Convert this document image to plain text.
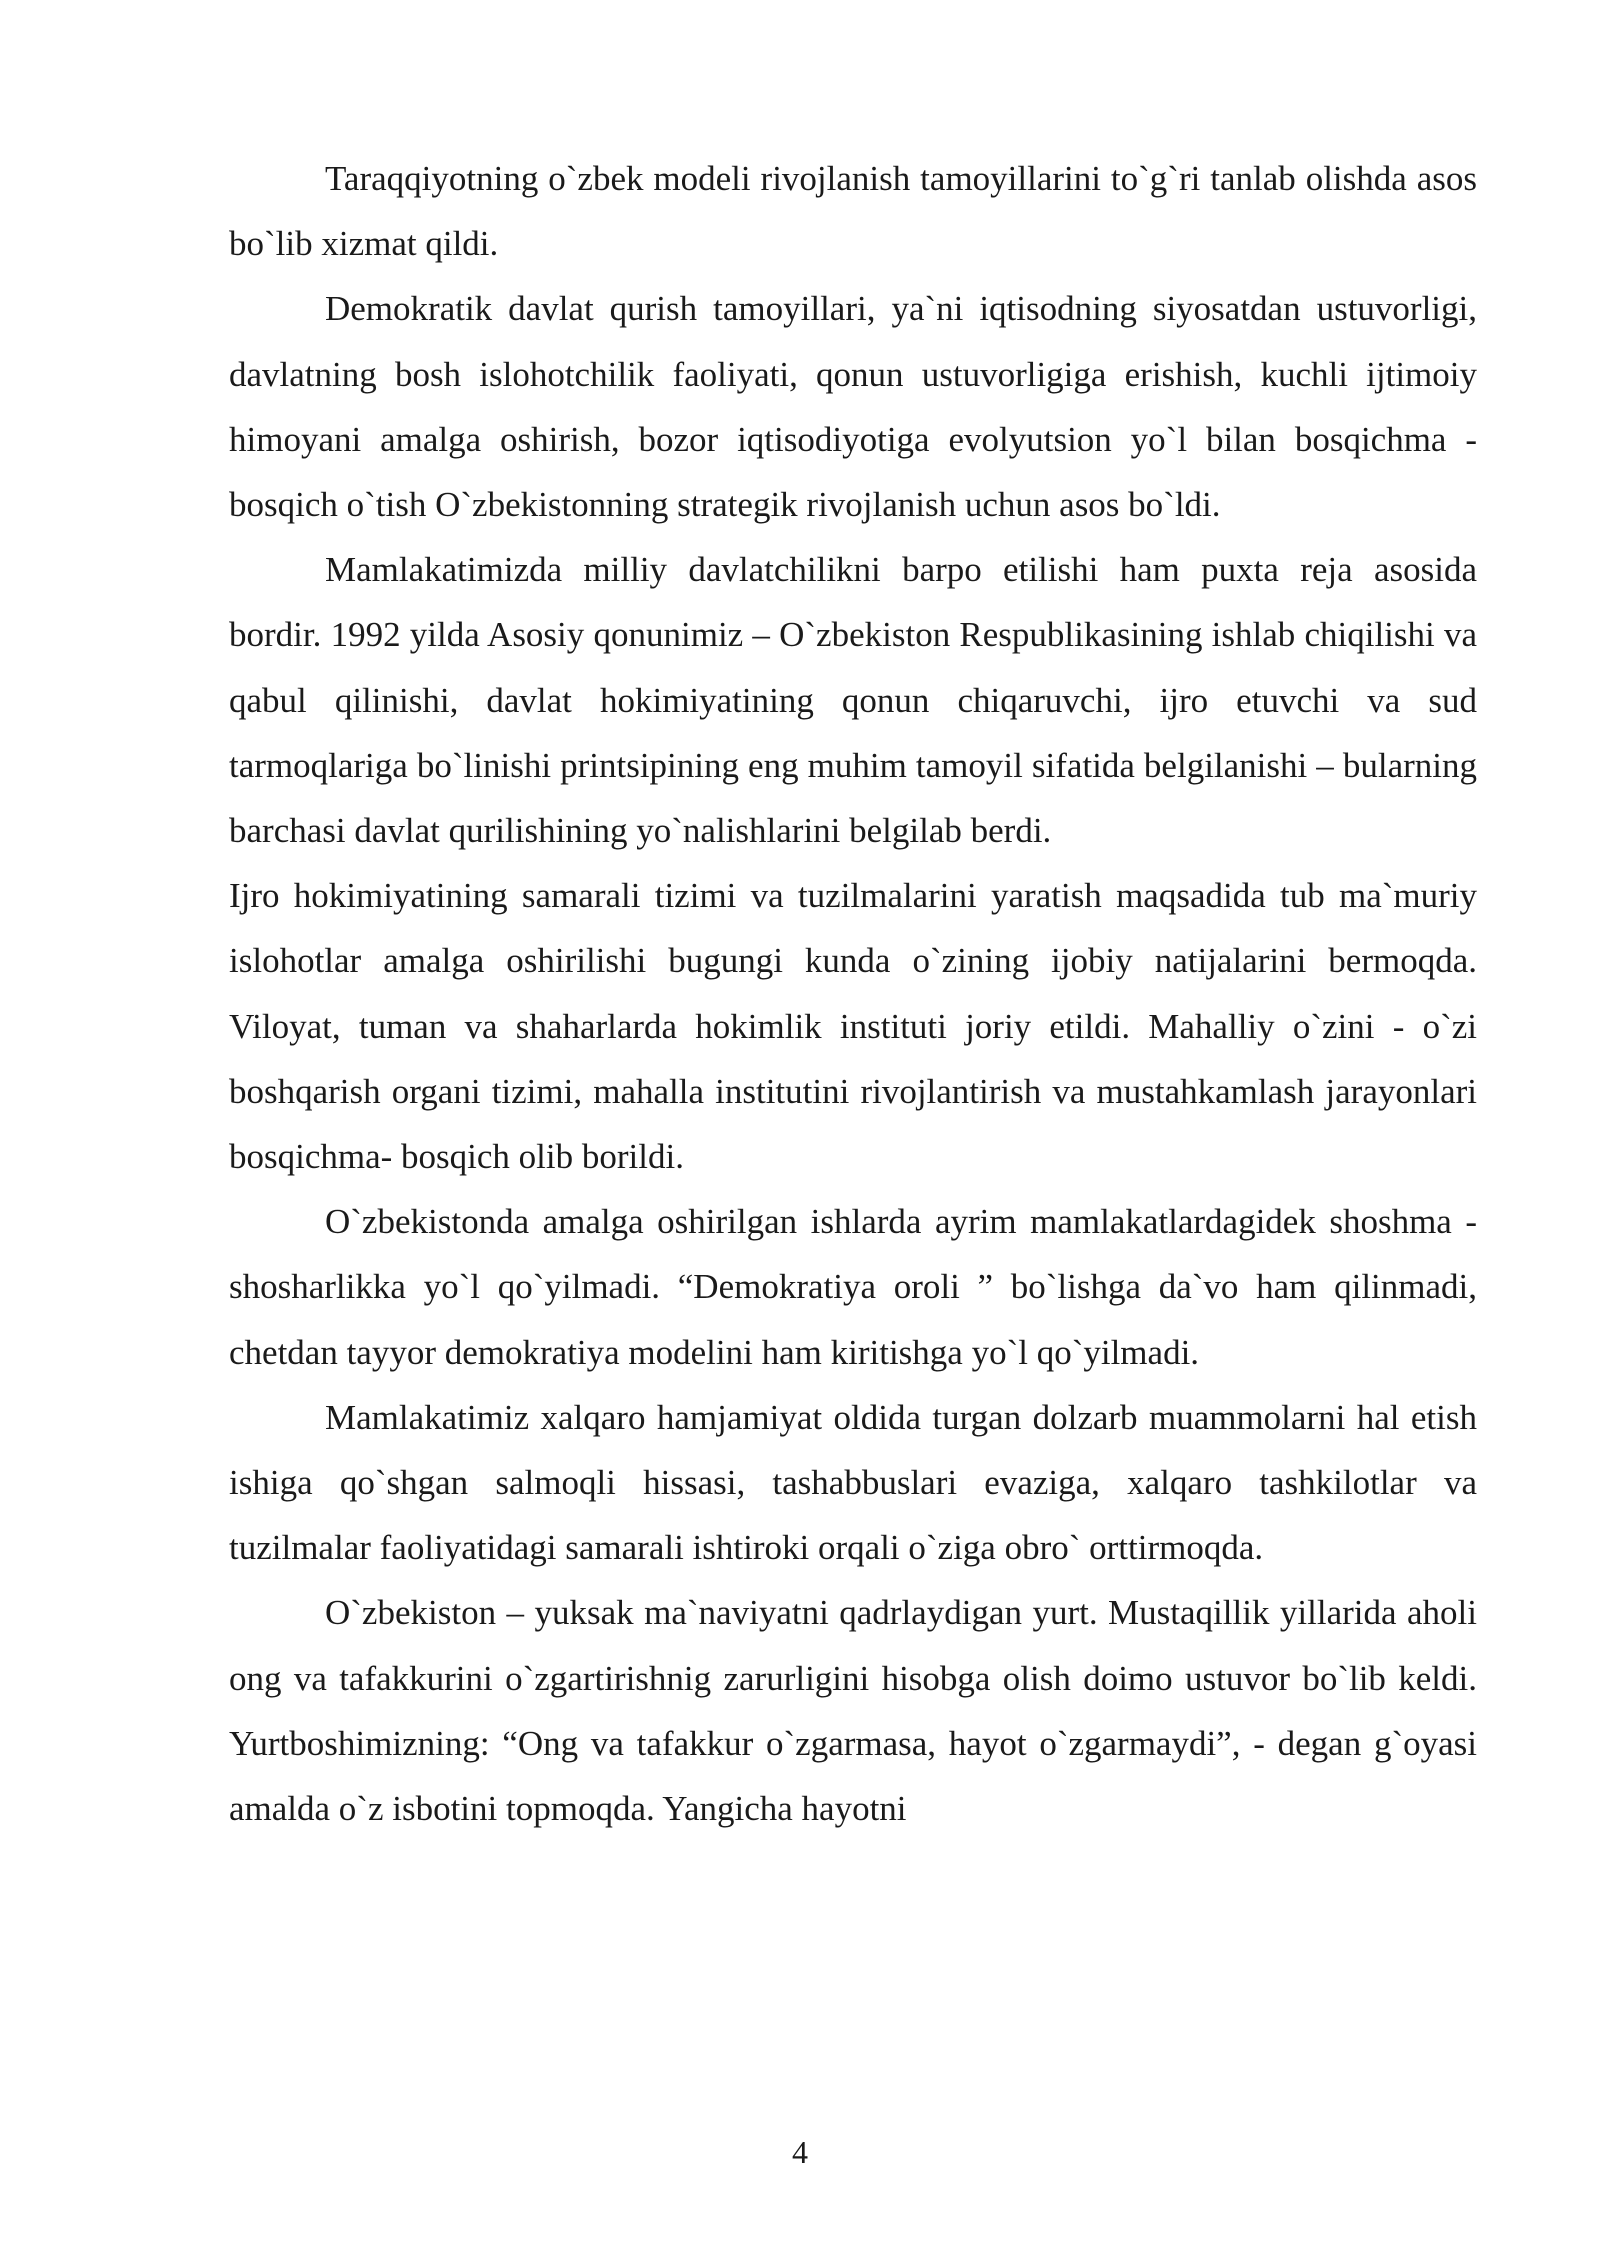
Taraqqiyotning o`zbek modeli rivojlanish tamoyillarini to`g`ri tanlab olishda asos bo`lib xizmat qildi.

Demokratik davlat qurish tamoyillari, ya`ni iqtisodning siyosatdan ustuvorligi, davlatning bosh islohotchilik faoliyati, qonun ustuvorligiga erishish, kuchli ijtimoiy himoyani amalga oshirish, bozor iqtisodiyotiga evolyutsion yo`l bilan bosqichma - bosqich o`tish O`zbekistonning strategik rivojlanish uchun asos bo`ldi.

Mamlakatimizda milliy davlatchilikni barpo etilishi ham puxta reja asosida bordir. 1992 yilda Asosiy qonunimiz – O`zbekiston Respublikasining ishlab chiqilishi va qabul qilinishi, davlat hokimiyatining qonun chiqaruvchi, ijro etuvchi va sud tarmoqlariga bo`linishi printsipining eng muhim tamoyil sifatida belgilanishi – bularning barchasi davlat qurilishining yo`nalishlarini belgilab berdi.

Ijro hokimiyatining samarali tizimi va tuzilmalarini yaratish maqsadida tub ma`muriy islohotlar amalga oshirilishi bugungi kunda o`zining ijobiy natijalarini bermoqda. Viloyat, tuman va shaharlarda hokimlik instituti joriy etildi. Mahalliy o`zini - o`zi boshqarish organi tizimi, mahalla institutini rivojlantirish va mustahkamlash jarayonlari bosqichma- bosqich olib borildi.

O`zbekistonda amalga oshirilgan ishlarda ayrim mamlakatlardagidek shoshma - shosharlikka yo`l qo`yilmadi. “Demokratiya oroli ” bo`lishga da`vo ham qilinmadi, chetdan tayyor demokratiya modelini ham kiritishga yo`l qo`yilmadi.

Mamlakatimiz xalqaro hamjamiyat oldida turgan dolzarb muammolarni hal etish ishiga qo`shgan salmoqli hissasi, tashabbuslari evaziga, xalqaro tashkilotlar va tuzilmalar faoliyatidagi samarali ishtiroki orqali o`ziga obro` orttirmoqda.

O`zbekiston – yuksak ma`naviyatni qadrlaydigan yurt. Mustaqillik yillarida aholi ong va tafakkurini o`zgartirishnig zarurligini hisobga olish doimo ustuvor bo`lib keldi. Yurtboshimizning: “Ong va tafakkur o`zgarmasa, hayot o`zgarmaydi”, - degan g`oyasi amalda o`z isbotini topmoqda. Yangicha hayotni

4
